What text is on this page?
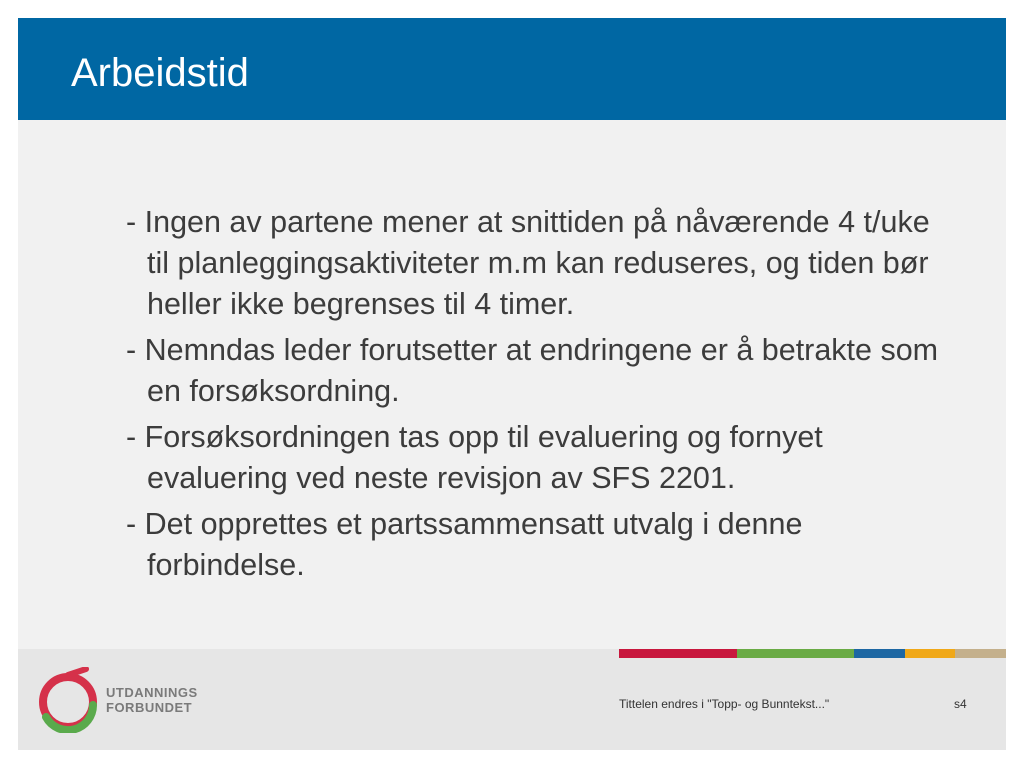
Arbeidstid
- Ingen av partene mener at snittiden på nåværende 4 t/uke til planleggingsaktiviteter m.m kan reduseres, og tiden bør heller ikke begrenses til 4 timer.
- Nemndas leder forutsetter at endringene er å betrakte som en forsøksordning.
- Forsøksordningen tas opp til evaluering og fornyet evaluering ved neste revisjon av SFS 2201.
- Det opprettes et partssammensatt utvalg i denne forbindelse.
UTDANNINGS
FORBUNDET	Tittelen endres i "Topp- og Bunntekst..."	s4
